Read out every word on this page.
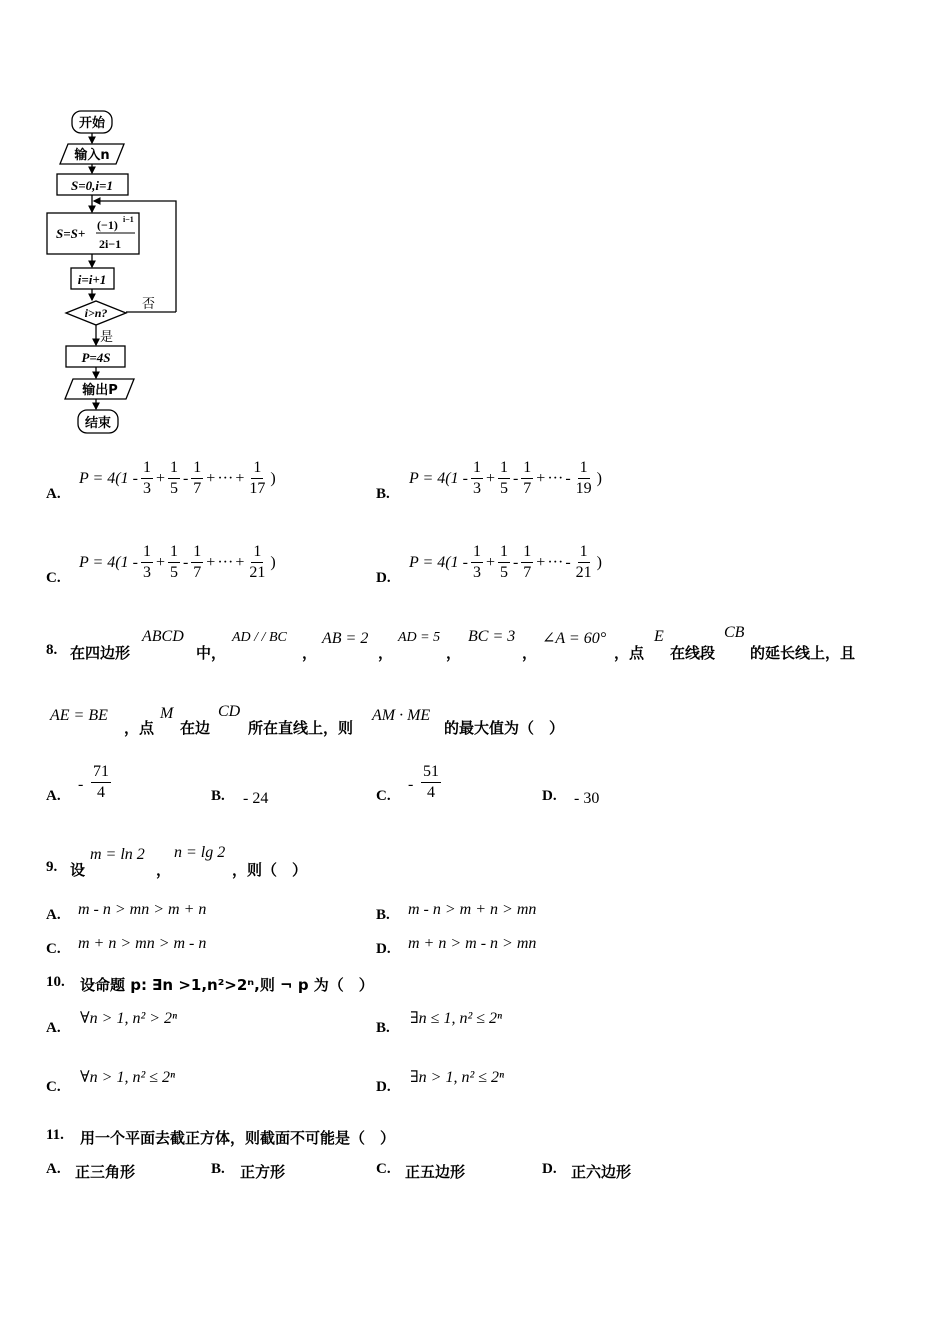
开始
输入n
S=0,i=1
S=S+
(−1) i−1
2i−1
i=i+1
i>n?
否
是
P=4S
输出P
结束
A.
$P = 4(1 - \frac{1}{3} + \frac{1}{5} - \frac{1}{7}$ + ··· + $\frac{1}{17}$ )
B.
$P = 4(1 - \frac{1}{3} + \frac{1}{5} - \frac{1}{7}$ + ··· - $\frac{1}{19}$ )
C.
$P = 4(1 - \frac{1}{3} + \frac{1}{5} - \frac{1}{7}$ + ··· + $\frac{1}{21}$ )
D.
$P = 4(1 - \frac{1}{3} + \frac{1}{5} - \frac{1}{7}$ + ··· - $\frac{1}{21}$ )
8. 在四边形
ABCD
中，
AD / / BC
，
AB = 2
，
AD = 5
，
BC = 3
，
∠A = 60°
，点
E
在线段
CB
的延长线上，且
AE = BE
，点
M
在边
CD
所在直线上，则
AM · ME
的最大值为（　）
A.
- $\frac{71}{4}$	B. - 24	C.
- $\frac{51}{4}$	D. - 30
9. 设
m = ln 2
，
n = lg 2
，则（　）
A. m - n > mn > m + n	B. m - n > m + n > mn
C. m + n > mn > m - n	D. m + n > m - n > mn
10. 设命题 p: ∃n >1,n²>2ⁿ,则 ¬ p 为（　）
A.
∀n > 1, n² > 2ⁿ
B.
∃n ≤ 1, n² ≤ 2ⁿ
C.
∀n > 1, n² ≤ 2ⁿ
D.
∃n > 1, n² ≤ 2ⁿ
11. 用一个平面去截正方体，则截面不可能是（　）
A. 正三角形	B. 正方形	C. 正五边形	D. 正六边形
